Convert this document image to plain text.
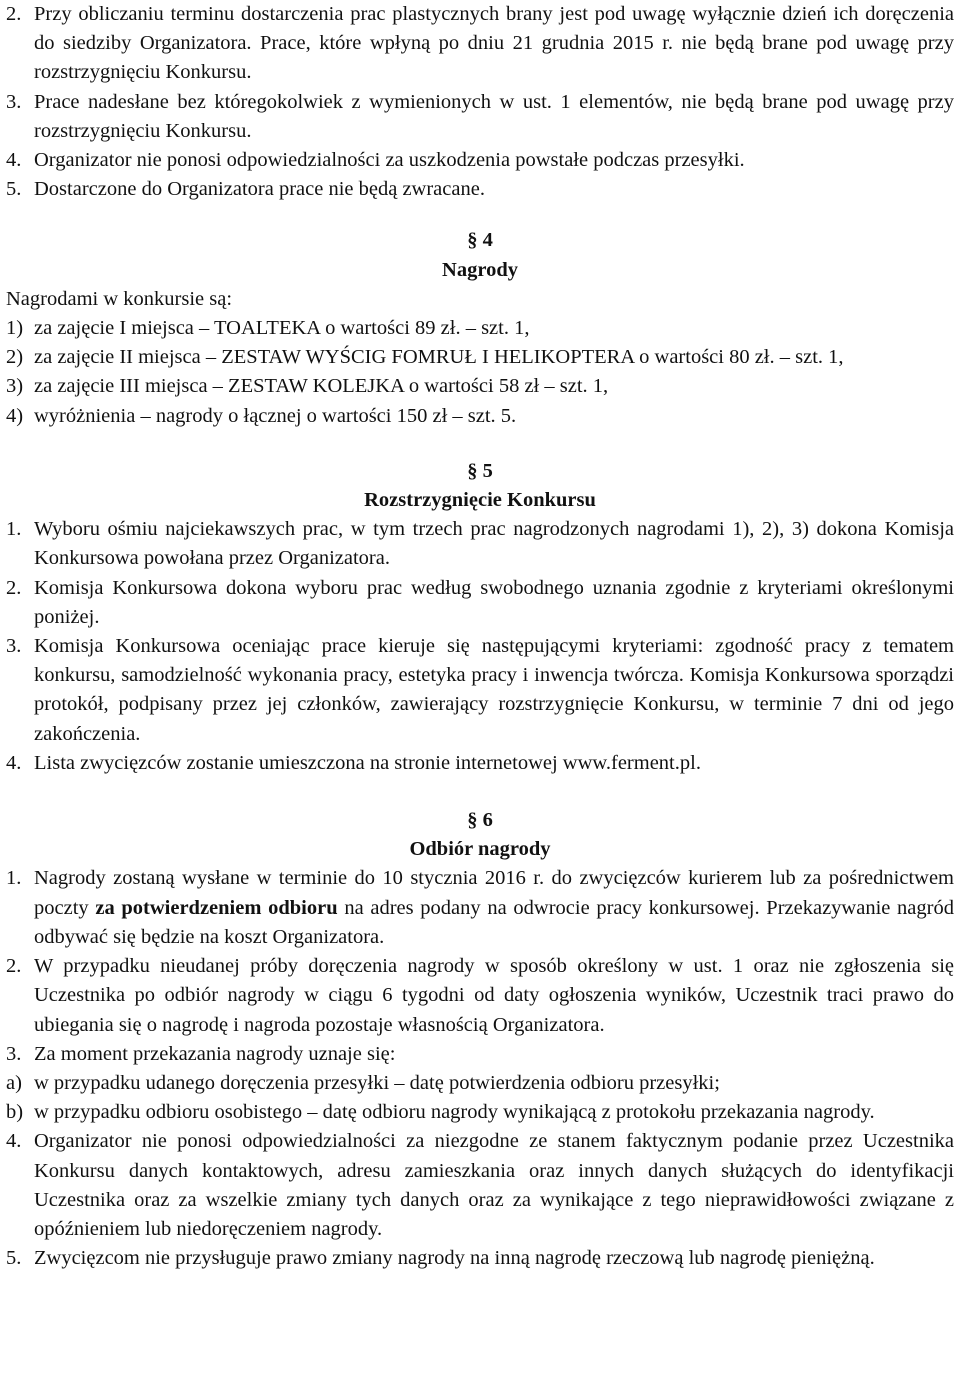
2. Przy obliczaniu terminu dostarczenia prac plastycznych brany jest pod uwagę wyłącznie dzień ich doręczenia do siedziby Organizatora. Prace, które wpłyną po dniu 21 grudnia 2015 r. nie będą brane pod uwagę przy rozstrzygnięciu Konkursu.
3. Prace nadesłane bez któregokolwiek z wymienionych w ust. 1 elementów, nie będą brane pod uwagę przy rozstrzygnięciu Konkursu.
4. Organizator nie ponosi odpowiedzialności za uszkodzenia powstałe podczas przesyłki.
5. Dostarczone do Organizatora prace nie będą zwracane.
§ 4
Nagrody
Nagrodami w konkursie są:
1) za zajęcie I miejsca – TOALTEKA o wartości 89 zł. – szt. 1,
2) za zajęcie II miejsca – ZESTAW WYŚCIG FOMRUŁ I HELIKOPTERA o wartości 80 zł. – szt. 1,
3) za zajęcie III miejsca – ZESTAW KOLEJKA o wartości 58 zł – szt. 1,
4) wyróżnienia – nagrody o łącznej o wartości 150 zł – szt. 5.
§ 5
Rozstrzygnięcie Konkursu
1. Wyboru ośmiu najciekawszych prac, w tym trzech prac nagrodzonych nagrodami 1), 2), 3) dokona Komisja Konkursowa powołana przez Organizatora.
2. Komisja Konkursowa dokona wyboru prac według swobodnego uznania zgodnie z kryteriami określonymi poniżej.
3. Komisja Konkursowa oceniając prace kieruje się następującymi kryteriami: zgodność pracy z tematem konkursu, samodzielność wykonania pracy, estetyka pracy i inwencja twórcza. Komisja Konkursowa sporządzi protokół, podpisany przez jej członków, zawierający rozstrzygnięcie Konkursu, w terminie 7 dni od jego zakończenia.
4. Lista zwycięzców zostanie umieszczona na stronie internetowej www.ferment.pl.
§ 6
Odbiór nagrody
1. Nagrody zostaną wysłane w terminie do 10 stycznia 2016 r. do zwycięzców kurierem lub za pośrednictwem poczty za potwierdzeniem odbioru na adres podany na odwrocie pracy konkursowej. Przekazywanie nagród odbywać się będzie na koszt Organizatora.
2. W przypadku nieudanej próby doręczenia nagrody w sposób określony w ust. 1 oraz nie zgłoszenia się Uczestnika po odbiór nagrody w ciągu 6 tygodni od daty ogłoszenia wyników, Uczestnik traci prawo do ubiegania się o nagrodę i nagroda pozostaje własnością Organizatora.
3. Za moment przekazania nagrody uznaje się:
a) w przypadku udanego doręczenia przesyłki – datę potwierdzenia odbioru przesyłki;
b) w przypadku odbioru osobistego – datę odbioru nagrody wynikającą z protokołu przekazania nagrody.
4. Organizator nie ponosi odpowiedzialności za niezgodne ze stanem faktycznym podanie przez Uczestnika Konkursu danych kontaktowych, adresu zamieszkania oraz innych danych służących do identyfikacji Uczestnika oraz za wszelkie zmiany tych danych oraz za wynikające z tego nieprawidłowości związane z opóźnieniem lub niedoręczeniem nagrody.
5. Zwycięzcom nie przysługuje prawo zmiany nagrody na inną nagrodę rzeczową lub nagrodę pieniężną.
